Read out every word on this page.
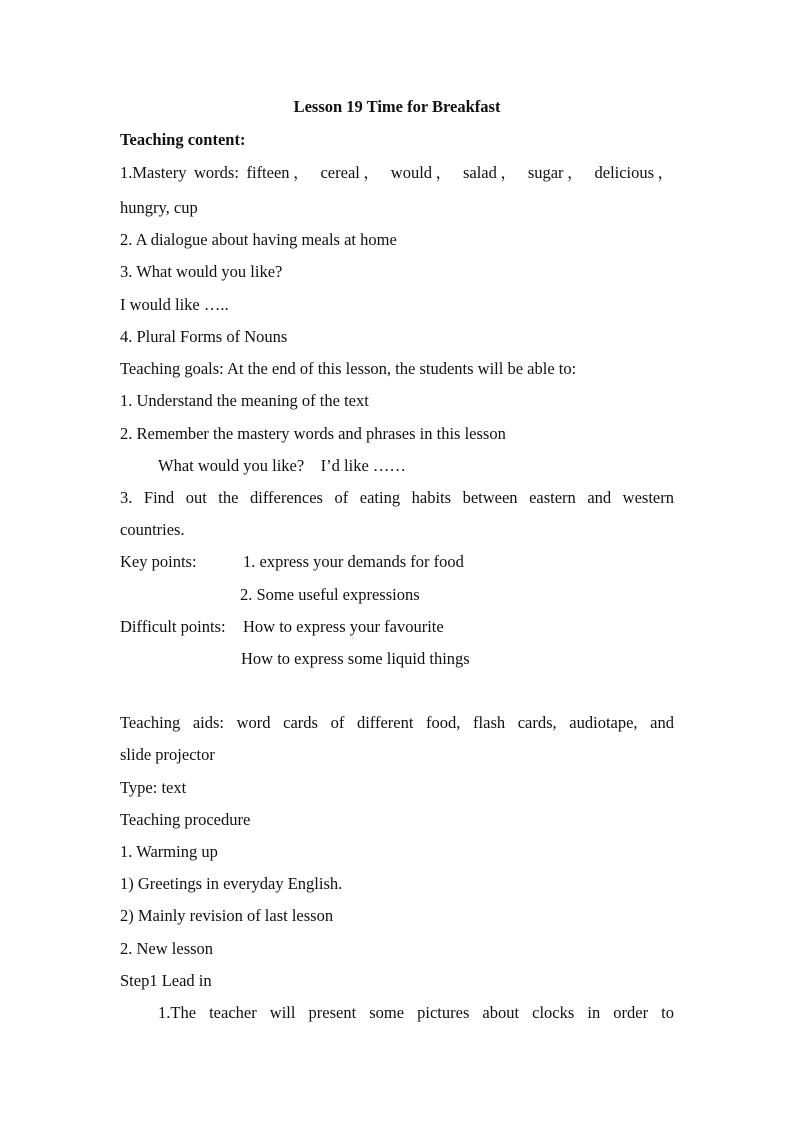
Lesson 19 Time for Breakfast
Teaching content:
1.Mastery words: fifteen， cereal， would， salad， sugar， delicious，
hungry, cup
2. A dialogue about having meals at home
3. What would you like?
I would like …..
4. Plural Forms of Nouns
Teaching goals: At the end of this lesson, the students will be able to:
1. Understand the meaning of the text
2. Remember the mastery words and phrases in this lesson
What would you like?    I’d like ……
3. Find out the differences of eating habits between eastern and western
countries.
Key points:	1. express your demands for food
2. Some useful expressions
Difficult points: How to express your favourite
How to express some liquid things
Teaching aids: word cards of different food, flash cards, audiotape, and
slide projector
Type: text
Teaching procedure
1. Warming up
1) Greetings in everyday English.
2) Mainly revision of last lesson
2. New lesson
Step1 Lead in
1.The teacher will present some pictures about clocks in order to
